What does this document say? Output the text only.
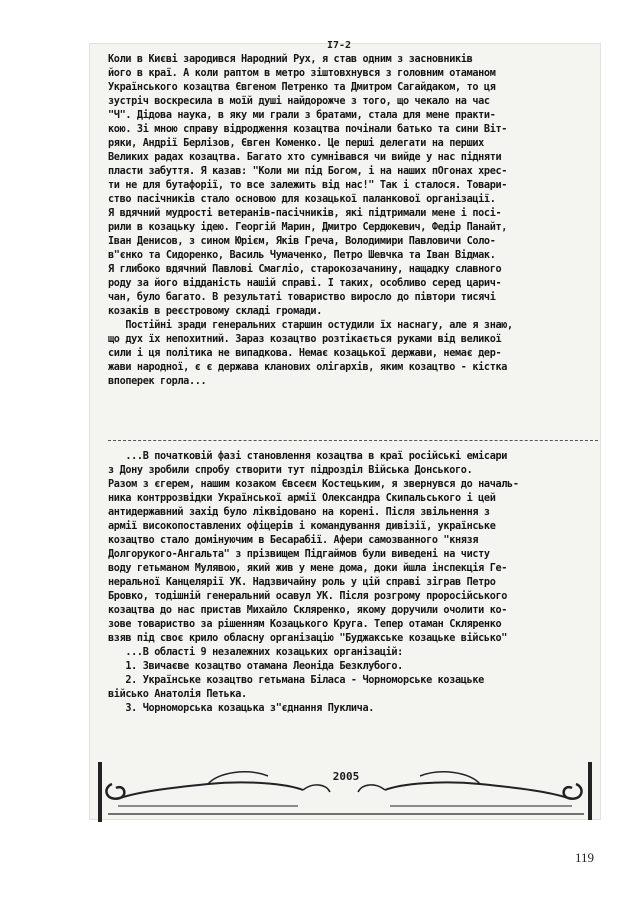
I7-2
Коли в Києві зародився Народний Рух, я став одним з засновників
його в краї. А коли раптом в метро зіштовхнувся з головним отаманом
Українського козацтва Євгеном Петренко та Дмитром Сагайдаком, то ця
зустріч воскресила в моїй душі найдорожче з того, що чекало на час
"Ч". Дідова наука, в яку ми грали з братами, стала для мене практи-
кою. Зі мною справу відродження козацтва почінали батько та сини Віт-
ряки, Андрії Берлізов, Євген Коменко. Це перші делегати на перших
Великих радах козацтва. Багато хто сумнівався чи вийде у нас підняти
пласти забуття. Я казав: "Коли ми під Богом, і на наших пОгонах хрес-
ти не для бутафорії, то все залежить від нас!" Так і сталося. Товари-
ство пасічників стало основою для козацької паланкової організації.
Я вдячний мудрості ветеранів-пасічників, які підтримали мене і посі-
рили в козацьку ідею. Георгій Марин, Дмитро Сердюкевич, Федір Панайт,
Іван Денисов, з сином Юрієм, Яків Греча, Володимири Павловичи Соло-
в"єнко та Сидоренко, Василь Чумаченко, Петро Шевчка та Іван Відмак.
Я глибоко вдячний Павлові Смагліо, старокозачанину, нащадку славного
роду за його відданість нашій справі. І таких, особливо серед царич-
чан, було багато. В результаті товариство виросло до півтори тисячі
козаків в реєстровому складі громади.
Постійні зради генеральних старшин остудили їх наснагу, але я знаю,
що дух їх непохитний. Зараз козацтво розтікається руками від великої
сили і ця політика не випадкова. Немає козацької держави, немає дер-
жави народної, є є держава кланових олігархів, яким козацтво - кістка
впоперек горла...
...В початковій фазі становлення козацтва в краї російські емісари
з Дону зробили спробу створити тут підрозділ Війська Донського.
Разом з єгерем, нашим козаком Євсеєм Костецьким, я звернувся до началь-
ника контррозвідки Української армії Олександра Скипальського і цей
антидержавний захід було ліквідовано на корені. Після звільнення з
армії високопоставлених офіцерів і командування дивізії, українське
козацтво стало домінуючим в Бесарабії. Афери самозванного "князя
Долгорукого-Ангальта" з прізвищем Підгаймов були виведені на чисту
воду гетьманом Мулявою, який жив у мене дома, доки йшла інспекція Ге-
неральної Канцелярії УК. Надзвичайну роль у цій справі зіграв Петро
Бровко, тодішній генеральний осавул УК. Після розгрому проросійського
козацтва до нас пристав Михайло Скляренко, якому доручили очолити ко-
зове товариство за рішенням Козацького Круга. Тепер отаман Скляренко
взяв під своє крило обласну організацію "Буджакське козацьке військо"
...В області 9 незалежних козацьких організацій:
1. Звичаєве козацтво отамана Леоніда Безклубого.
2. Українське козацтво гетьмана Біласа - Чорноморське козацьке
військо Анатолія Петька.
3. Чорноморська козацька з"єднання Пуклича.
2005
119
